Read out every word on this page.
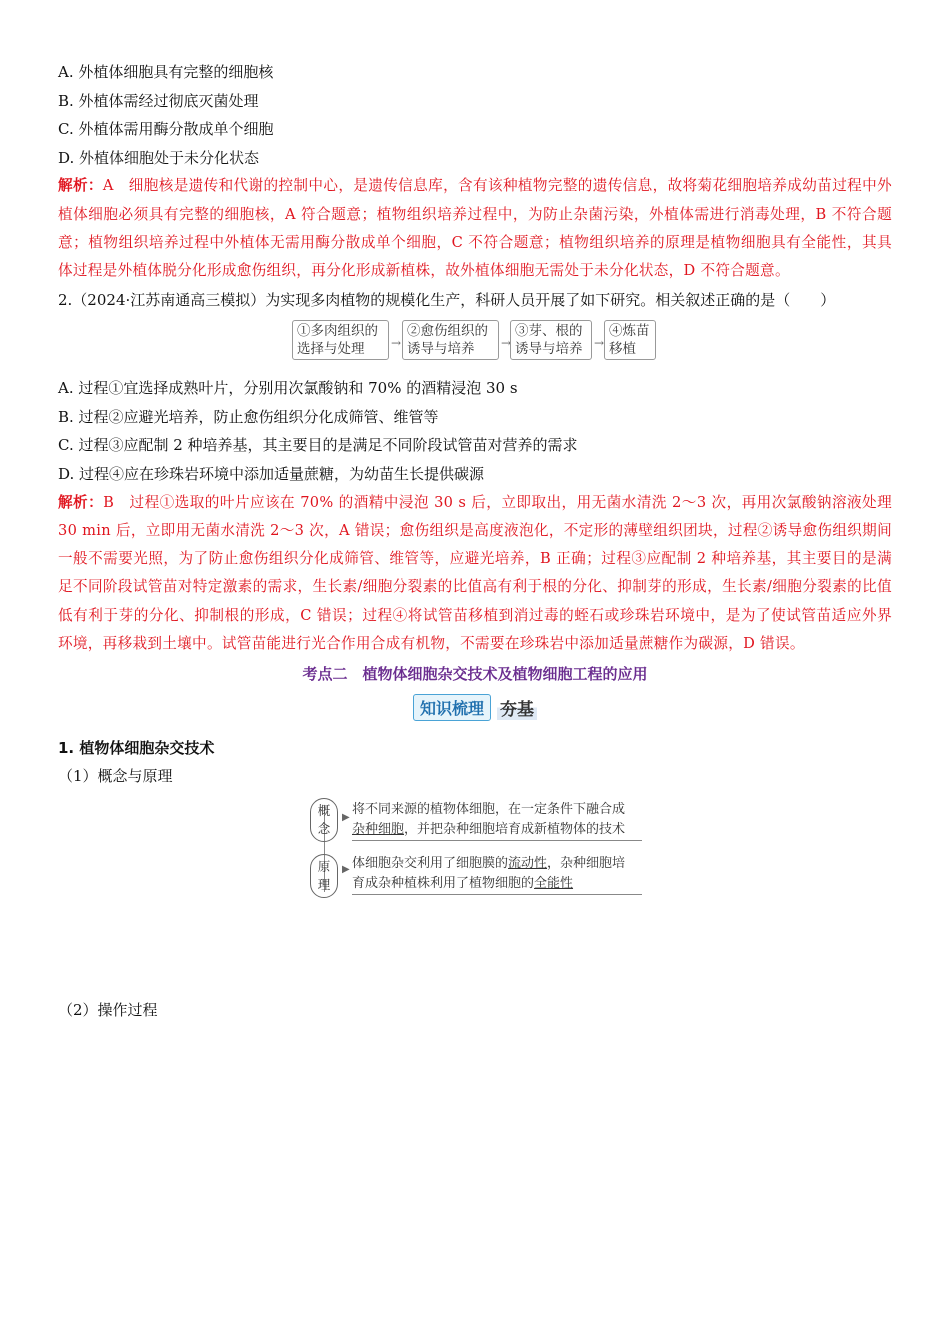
A. 外植体细胞具有完整的细胞核
B. 外植体需经过彻底灭菌处理
C. 外植体需用酶分散成单个细胞
D. 外植体细胞处于未分化状态
解析：A 细胞核是遗传和代谢的控制中心，是遗传信息库，含有该种植物完整的遗传信息，故将菊花细胞培养成幼苗过程中外植体细胞必须具有完整的细胞核，A 符合题意；植物组织培养过程中，为防止杂菌污染，外植体需进行消毒处理，B 不符合题意；植物组织培养过程中外植体无需用酶分散成单个细胞，C 不符合题意；植物组织培养的原理是植物细胞具有全能性，其具体过程是外植体脱分化形成愈伤组织，再分化形成新植株，故外植体细胞无需处于未分化状态，D 不符合题意。
2.（2024·江苏南通高三模拟）为实现多肉植物的规模化生产，科研人员开展了如下研究。相关叙述正确的是（　　）
①多肉组织的
选择与处理	→
②愈伤组织的
诱导与培养	→
③芽、根的
诱导与培养 →
④炼苗
移植
A. 过程①宜选择成熟叶片，分别用次氯酸钠和 70% 的酒精浸泡 30 s
B. 过程②应避光培养，防止愈伤组织分化成筛管、维管等
C. 过程③应配制 2 种培养基，其主要目的是满足不同阶段试管苗对营养的需求
D. 过程④应在珍珠岩环境中添加适量蔗糖，为幼苗生长提供碳源
解析：B 过程①选取的叶片应该在 70% 的酒精中浸泡 30 s 后，立即取出，用无菌水清洗 2～3 次，再用次氯酸钠溶液处理 30 min 后，立即用无菌水清洗 2～3 次，A 错误；愈伤组织是高度液泡化，不定形的薄壁组织团块，过程②诱导愈伤组织期间一般不需要光照，为了防止愈伤组织分化成筛管、维管等，应避光培养，B 正确；过程③应配制 2 种培养基，其主要目的是满足不同阶段试管苗对特定激素的需求，生长素/细胞分裂素的比值高有利于根的分化、抑制芽的形成，生长素/细胞分裂素的比值低有利于芽的分化、抑制根的形成，C 错误；过程④将试管苗移植到消过毒的蛭石或珍珠岩环境中，是为了使试管苗适应外界环境，再移栽到土壤中。试管苗能进行光合作用合成有机物，不需要在珍珠岩中添加适量蔗糖作为碳源，D 错误。
考点二　植物体细胞杂交技术及植物细胞工程的应用
知识梳理 夯基
1. 植物体细胞杂交技术
（1）概念与原理
概
念
▶
将不同来源的植物体细胞，在一定条件下融合成
杂种细胞，并把杂种细胞培育成新植物体的技术
原
理
▶ 体细胞杂交利用了细胞膜的流动性，杂种细胞培
育成杂种植株利用了植物细胞的全能性
（2）操作过程
